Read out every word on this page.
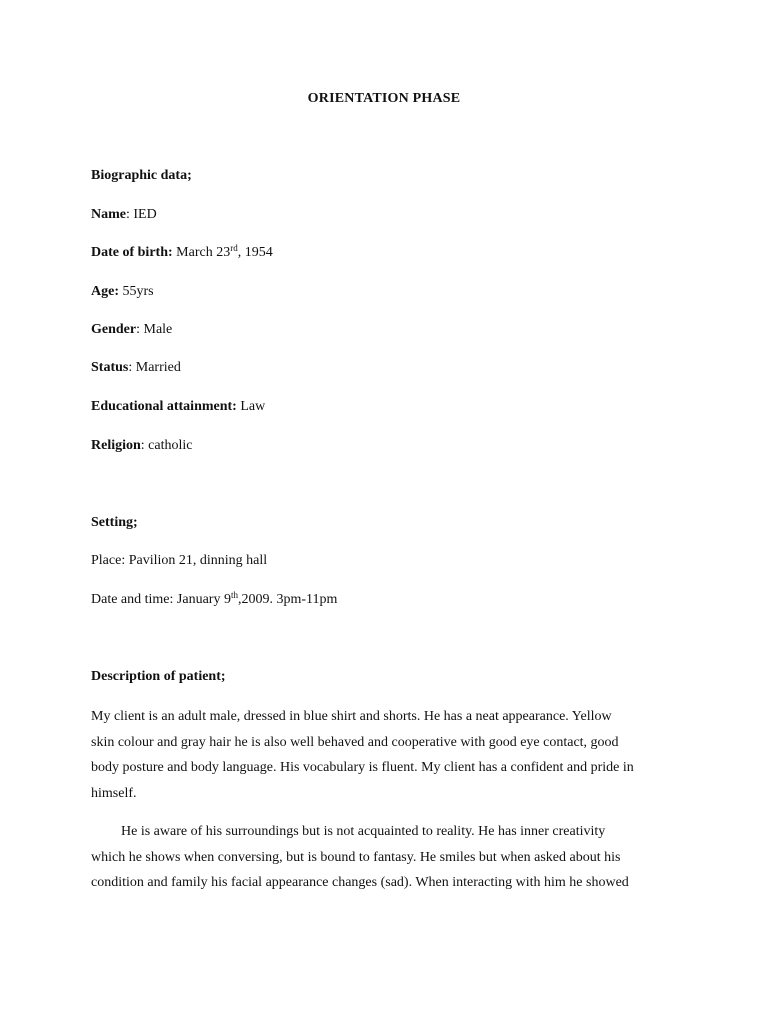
ORIENTATION PHASE
Biographic data;
Name: IED
Date of birth: March 23rd, 1954
Age: 55yrs
Gender: Male
Status: Married
Educational attainment: Law
Religion: catholic
Setting;
Place: Pavilion 21, dinning hall
Date and time: January 9th,2009. 3pm-11pm
Description of patient;
My client is an adult male, dressed in blue shirt and shorts. He has a neat appearance. Yellow
skin colour and gray hair he is also well behaved and cooperative with good eye contact, good
body posture and body language. His vocabulary is fluent. My client has a confident and pride in
himself.
He is aware of his surroundings but is not acquainted to reality. He has inner creativity
which he shows when conversing, but is bound to fantasy. He smiles but when asked about his
condition and family his facial appearance changes (sad). When interacting with him he showed
